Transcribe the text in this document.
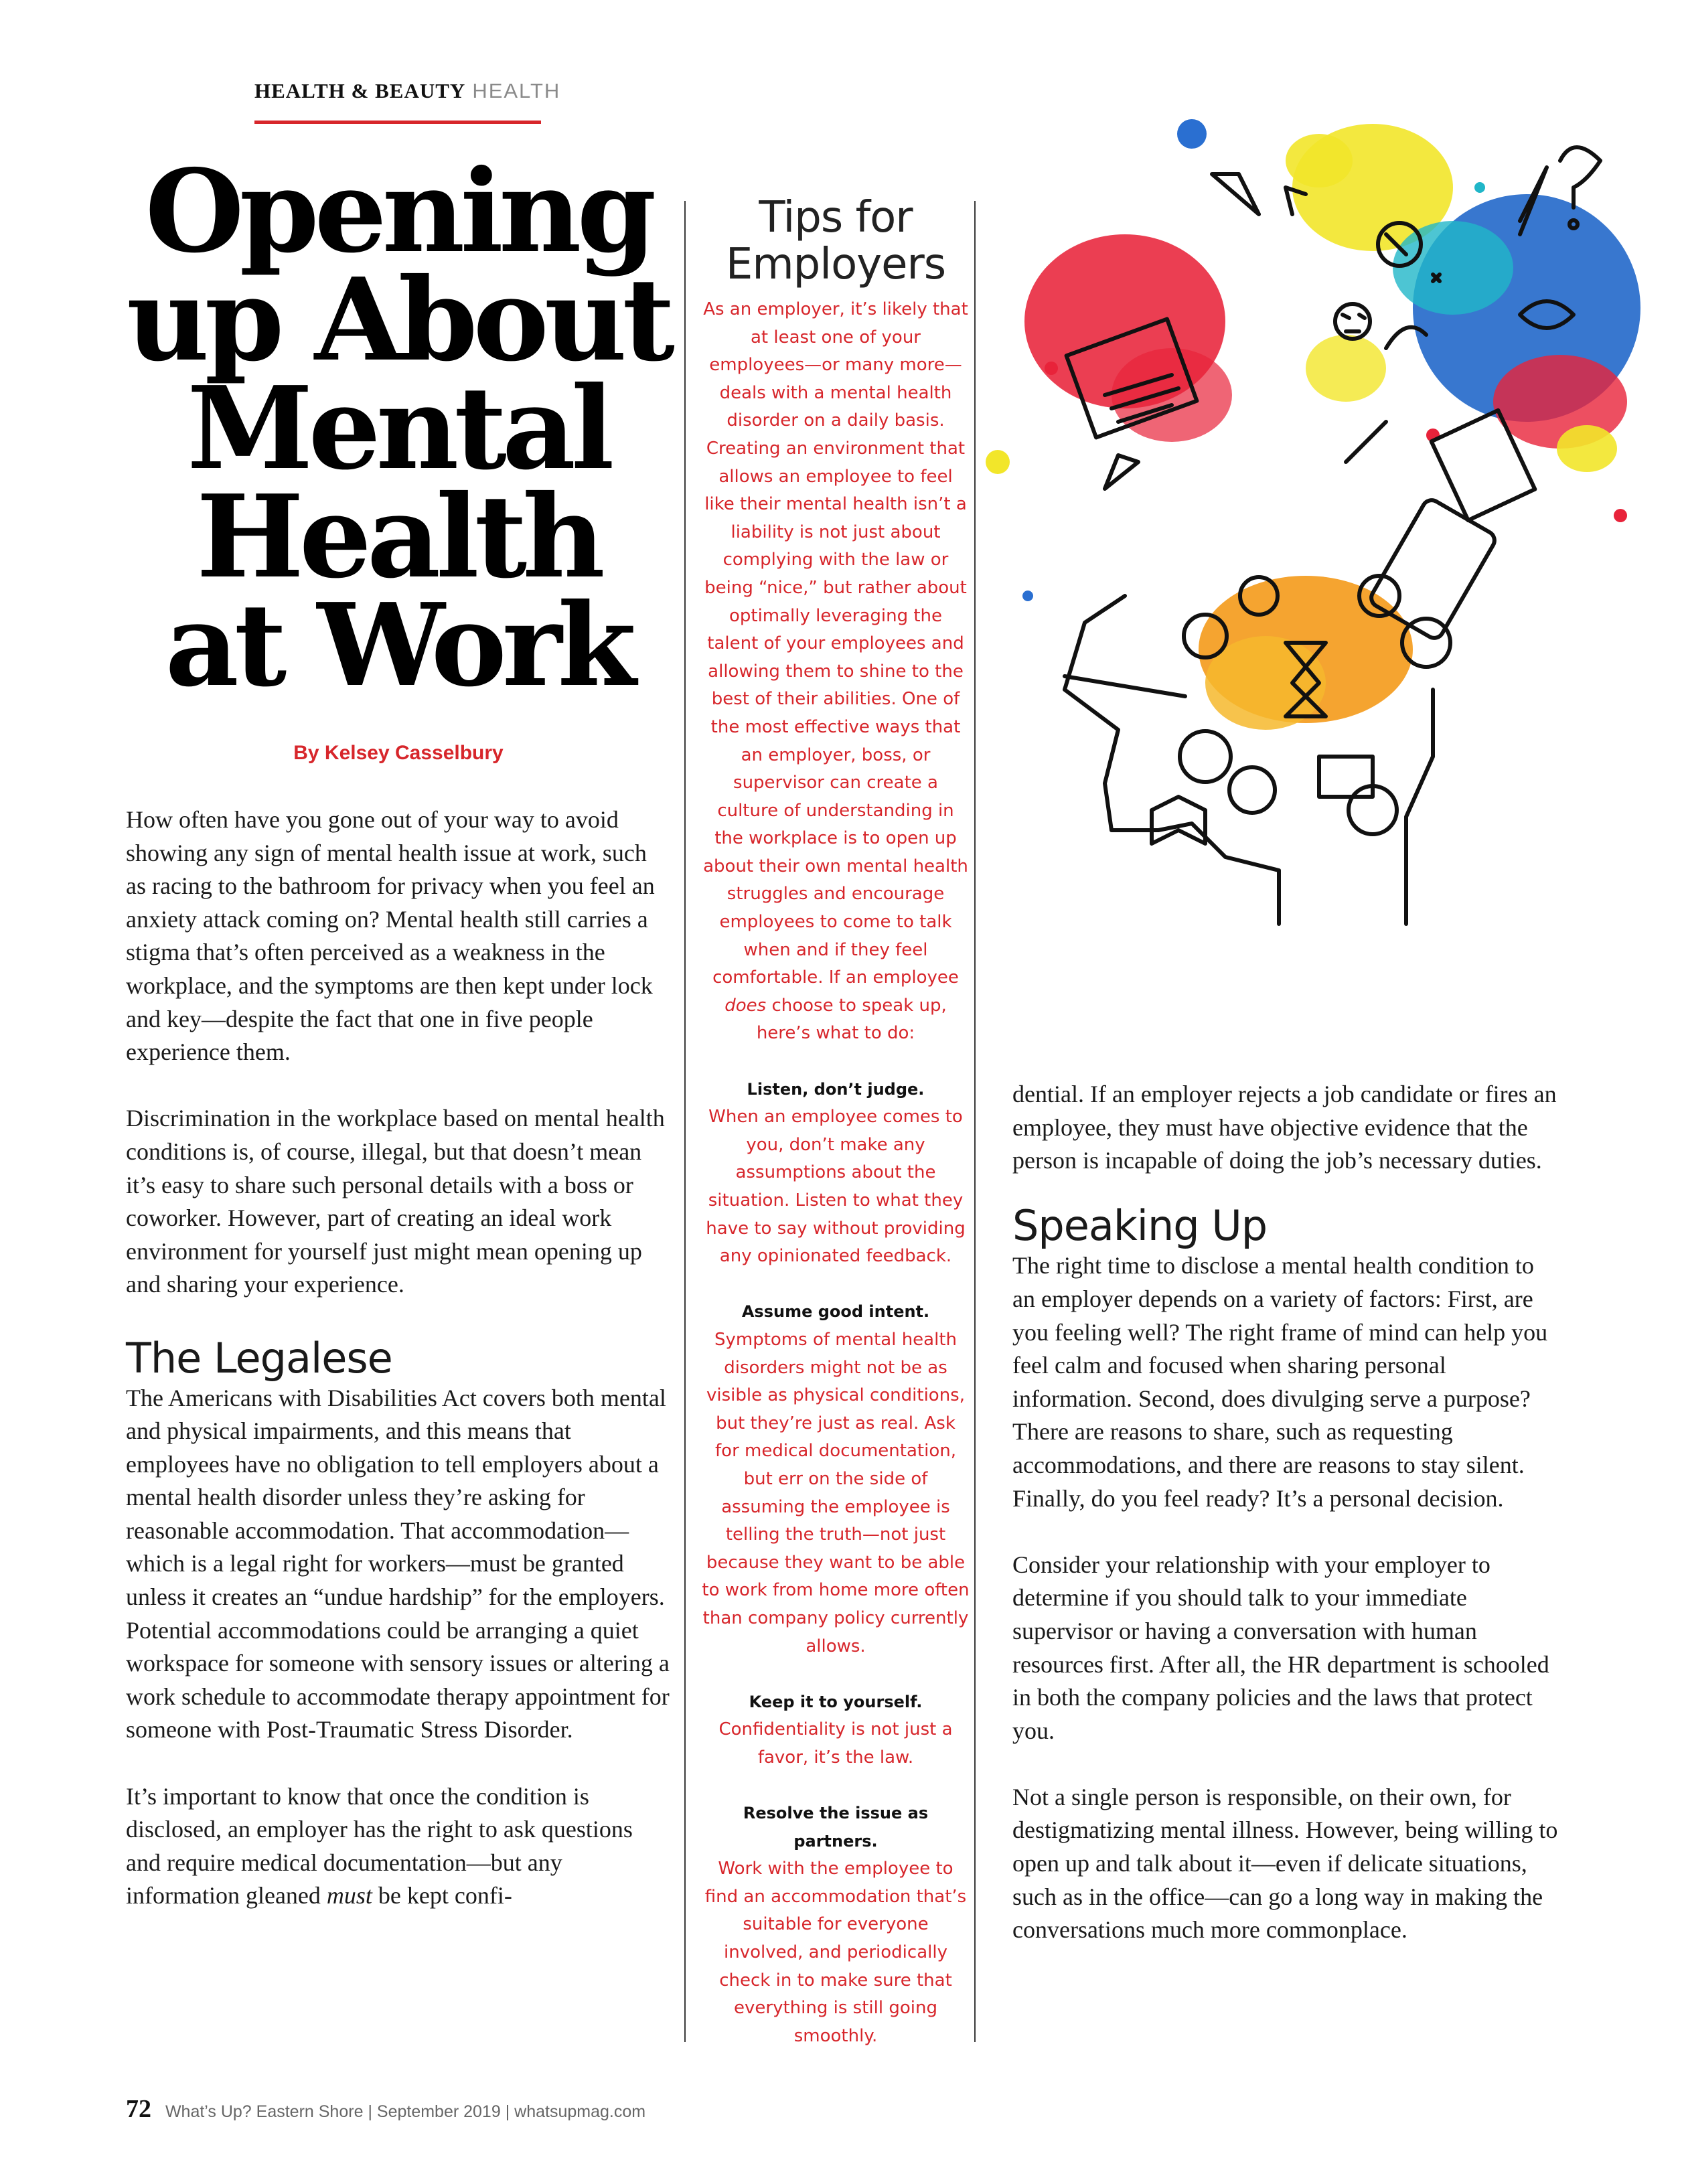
HEALTH & BEAUTY HEALTH
Opening
up About
Mental
Health
at Work
By Kelsey Casselbury

How often have you gone out of your way to avoid showing any sign of mental health issue at work, such as racing to the bathroom for privacy when you feel an anxiety attack coming on? Mental health still carries a stigma that’s often perceived as a weakness in the workplace, and the symptoms are then kept under lock and key—despite the fact that one in five people experience them.

Discrimination in the workplace based on mental health conditions is, of course, illegal, but that doesn’t mean it’s easy to share such personal details with a boss or coworker. However, part of creating an ideal work environment for yourself just might mean opening up and sharing your experience.

The Legalese

The Americans with Disabilities Act covers both mental and physical impairments, and this means that employees have no obligation to tell employers about a mental health disorder unless they’re asking for reasonable accommodation. That accommodation—which is a legal right for workers—must be granted unless it creates an “undue hardship” for the employers. Potential accommodations could be arranging a quiet workspace for someone with sensory issues or altering a work schedule to accommodate therapy appointment for someone with Post-Traumatic Stress Disorder.

It’s important to know that once the condition is disclosed, an employer has the right to ask questions and require medical documentation—but any information gleaned must be kept confi-

Tips for
Employers

As an employer, it’s likely that at least one of your employees—or many more—deals with a mental health disorder on a daily basis. Creating an environment that allows an employee to feel like their mental health isn’t a liability is not just about complying with the law or being “nice,” but rather about optimally leveraging the talent of your employees and allowing them to shine to the best of their abilities. One of the most effective ways that an employer, boss, or supervisor can create a culture of understanding in the workplace is to open up about their own mental health struggles and encourage employees to come to talk when and if they feel comfortable. If an employee does choose to speak up, here’s what to do:

Listen, don’t judge.
When an employee comes to you, don’t make any assumptions about the situation. Listen to what they have to say without providing any opinionated feedback.
Assume good intent.
Symptoms of mental health disorders might not be as visible as physical conditions, but they’re just as real. Ask for medical documentation, but err on the side of assuming the employee is telling the truth—not just because they want to be able to work from home more often than company policy currently allows.
Keep it to yourself.
Confidentiality is not just a favor, it’s the law.
Resolve the issue as partners.
Work with the employee to find an accommodation that’s suitable for everyone involved, and periodically check in to make sure that everything is still going smoothly.

dential. If an employer rejects a job candidate or fires an employee, they must have objective evidence that the person is incapable of doing the job’s necessary duties.

Speaking Up

The right time to disclose a mental health condition to an employer depends on a variety of factors: First, are you feeling well? The right frame of mind can help you feel calm and focused when sharing personal information. Second, does divulging serve a purpose? There are reasons to share, such as requesting accommodations, and there are reasons to stay silent. Finally, do you feel ready? It’s a personal decision.

Consider your relationship with your employer to determine if you should talk to your immediate supervisor or having a conversation with human resources first. After all, the HR department is schooled in both the company policies and the laws that protect you.

Not a single person is responsible, on their own, for destigmatizing mental illness. However, being willing to open up and talk about it—even if delicate situations, such as in the office—can go a long way in making the conversations much more commonplace.

72 What’s Up? Eastern Shore | September 2019 | whatsupmag.com
